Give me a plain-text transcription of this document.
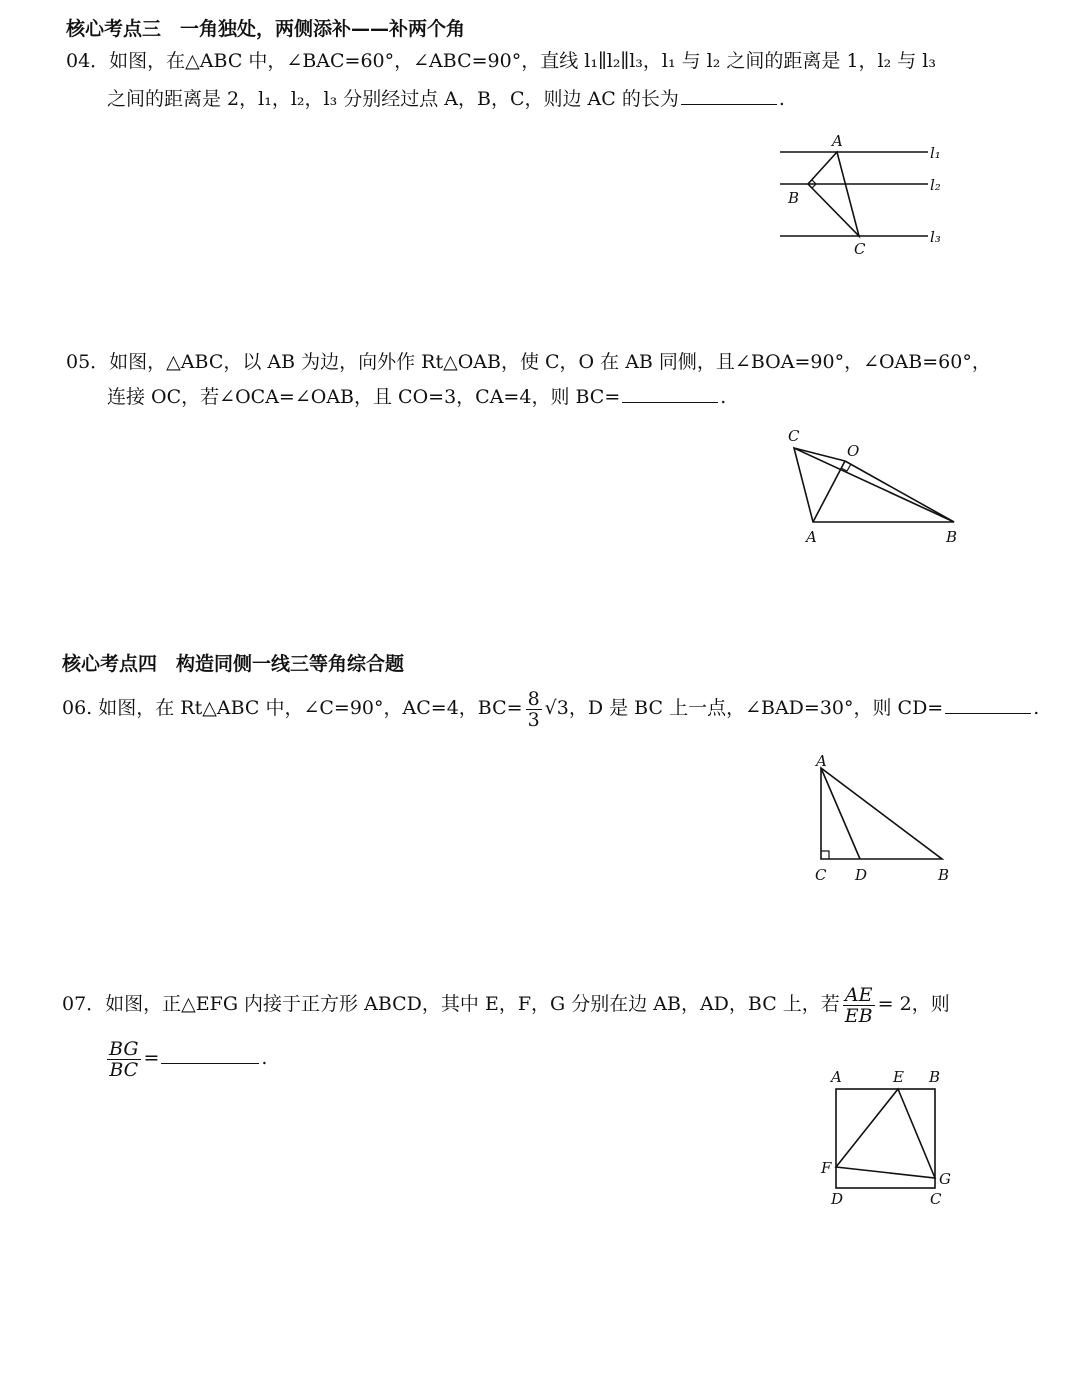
核心考点三　一角独处，两侧添补——补两个角
04．如图，在△ABC 中，∠BAC=60°，∠ABC=90°，直线 l₁∥l₂∥l₃，l₁ 与 l₂ 之间的距离是 1，l₂ 与 l₃
之间的距离是 2，l₁，l₂，l₃ 分别经过点 A，B，C，则边 AC 的长为	.
A
B
C
l₁
l₂
l₃
05．如图，△ABC，以 AB 为边，向外作 Rt△OAB，使 C，O 在 AB 同侧，且∠BOA=90°，∠OAB=60°，
连接 OC，若∠OCA=∠OAB，且 CO=3，CA=4，则 BC=	.
C
O
A	B
核心考点四　构造同侧一线三等角综合题
06. 如图，在 Rt△ABC 中，∠C=90°，AC=4，$BC= \frac{8}{3} √3$，D 是 BC 上一点，∠BAD=30°，则 CD=	.
A
C D	B
07．如图，正△EFG 内接于正方形 ABCD，其中 E，F，G 分别在边 AB，AD，BC 上，若 $\frac{AE}{EB} = 2$，则
$\frac{BG}{BC}$ =	.
A	E B
F
G
D	C
